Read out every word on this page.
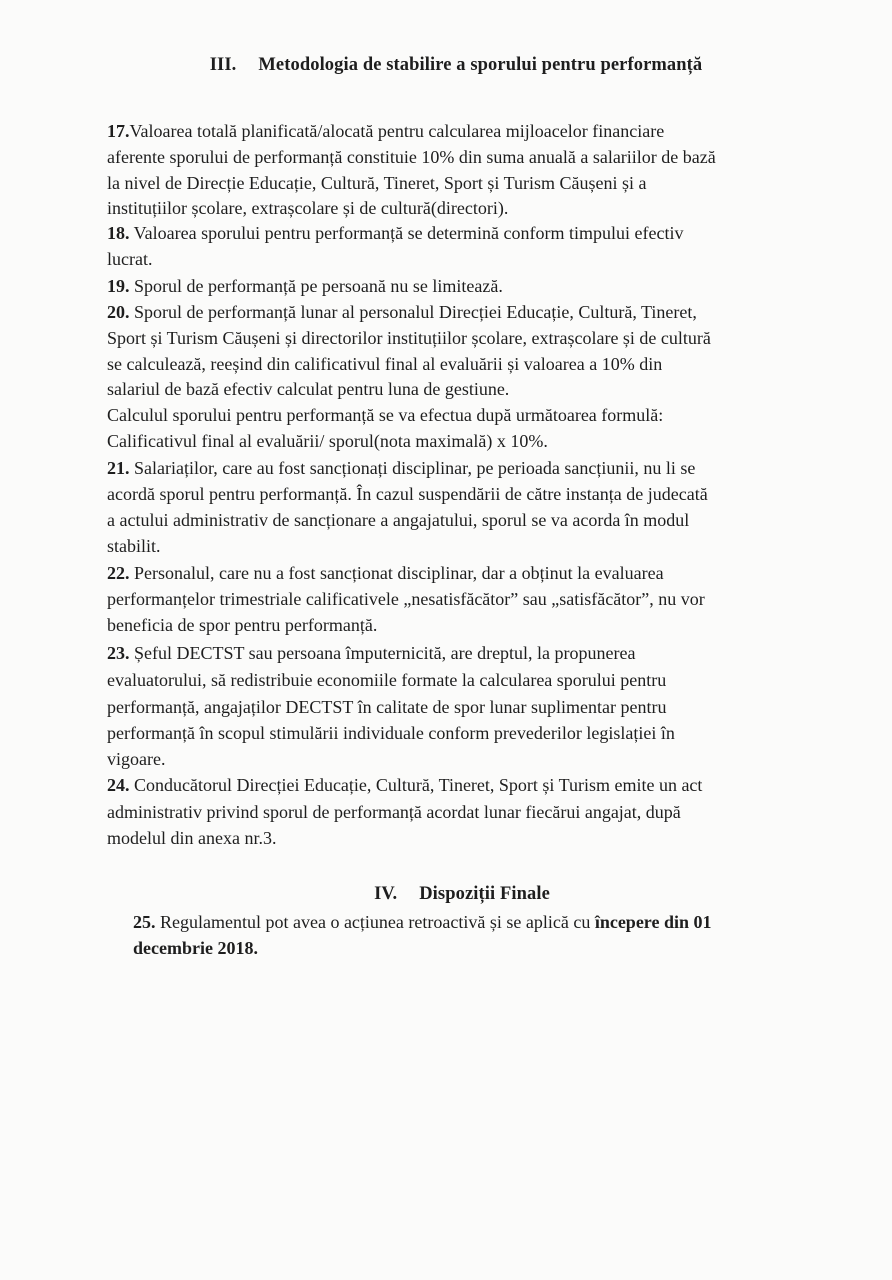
III. Metodologia de stabilire a sporului pentru performanță
17.Valoarea totală planificată/alocată pentru calcularea mijloacelor financiare
aferente sporului de performanță constituie 10% din suma anuală a salariilor de bază
la nivel de Direcție Educație, Cultură, Tineret, Sport și Turism Căușeni și a
instituțiilor școlare, extrașcolare și de cultură(directori).
18. Valoarea sporului pentru performanță se determină conform timpului efectiv
lucrat.
19. Sporul de performanță pe persoană nu se limitează.
20. Sporul de performanță lunar al personalul Direcției Educație, Cultură, Tineret,
Sport și Turism Căușeni și directorilor instituțiilor școlare, extrașcolare și de cultură
se calculează, reeșind din calificativul final al evaluării și valoarea a 10% din
salariul de bază efectiv calculat pentru luna de gestiune.
Calculul sporului pentru performanță se va efectua după următoarea formulă:
Calificativul final al evaluării/ sporul(nota maximală) x 10%.
21. Salariaților, care au fost sancționați disciplinar, pe perioada sancțiunii, nu li se
acordă sporul pentru performanță. În cazul suspendării de către instanța de judecată
a actului administrativ de sancționare a angajatului, sporul se va acorda în modul
stabilit.
22. Personalul, care nu a fost sancționat disciplinar, dar a obținut la evaluarea
performanțelor trimestriale calificativele „nesatisfăcător” sau „satisfăcător”, nu vor
beneficia de spor pentru performanță.
23. Șeful DECTST sau persoana împuternicită, are dreptul, la propunerea
evaluatorului, să redistribuie economiile formate la calcularea sporului pentru
performanță, angajaților DECTST în calitate de spor lunar suplimentar pentru
performanță în scopul stimulării individuale conform prevederilor legislației în
vigoare.
24. Conducătorul Direcției Educație, Cultură, Tineret, Sport și Turism emite un act
administrativ privind sporul de performanță acordat lunar fiecărui angajat, după
modelul din anexa nr.3.
IV. Dispoziții Finale
25. Regulamentul pot avea o acțiunea retroactivă și se aplică cu începere din 01
decembrie 2018.
